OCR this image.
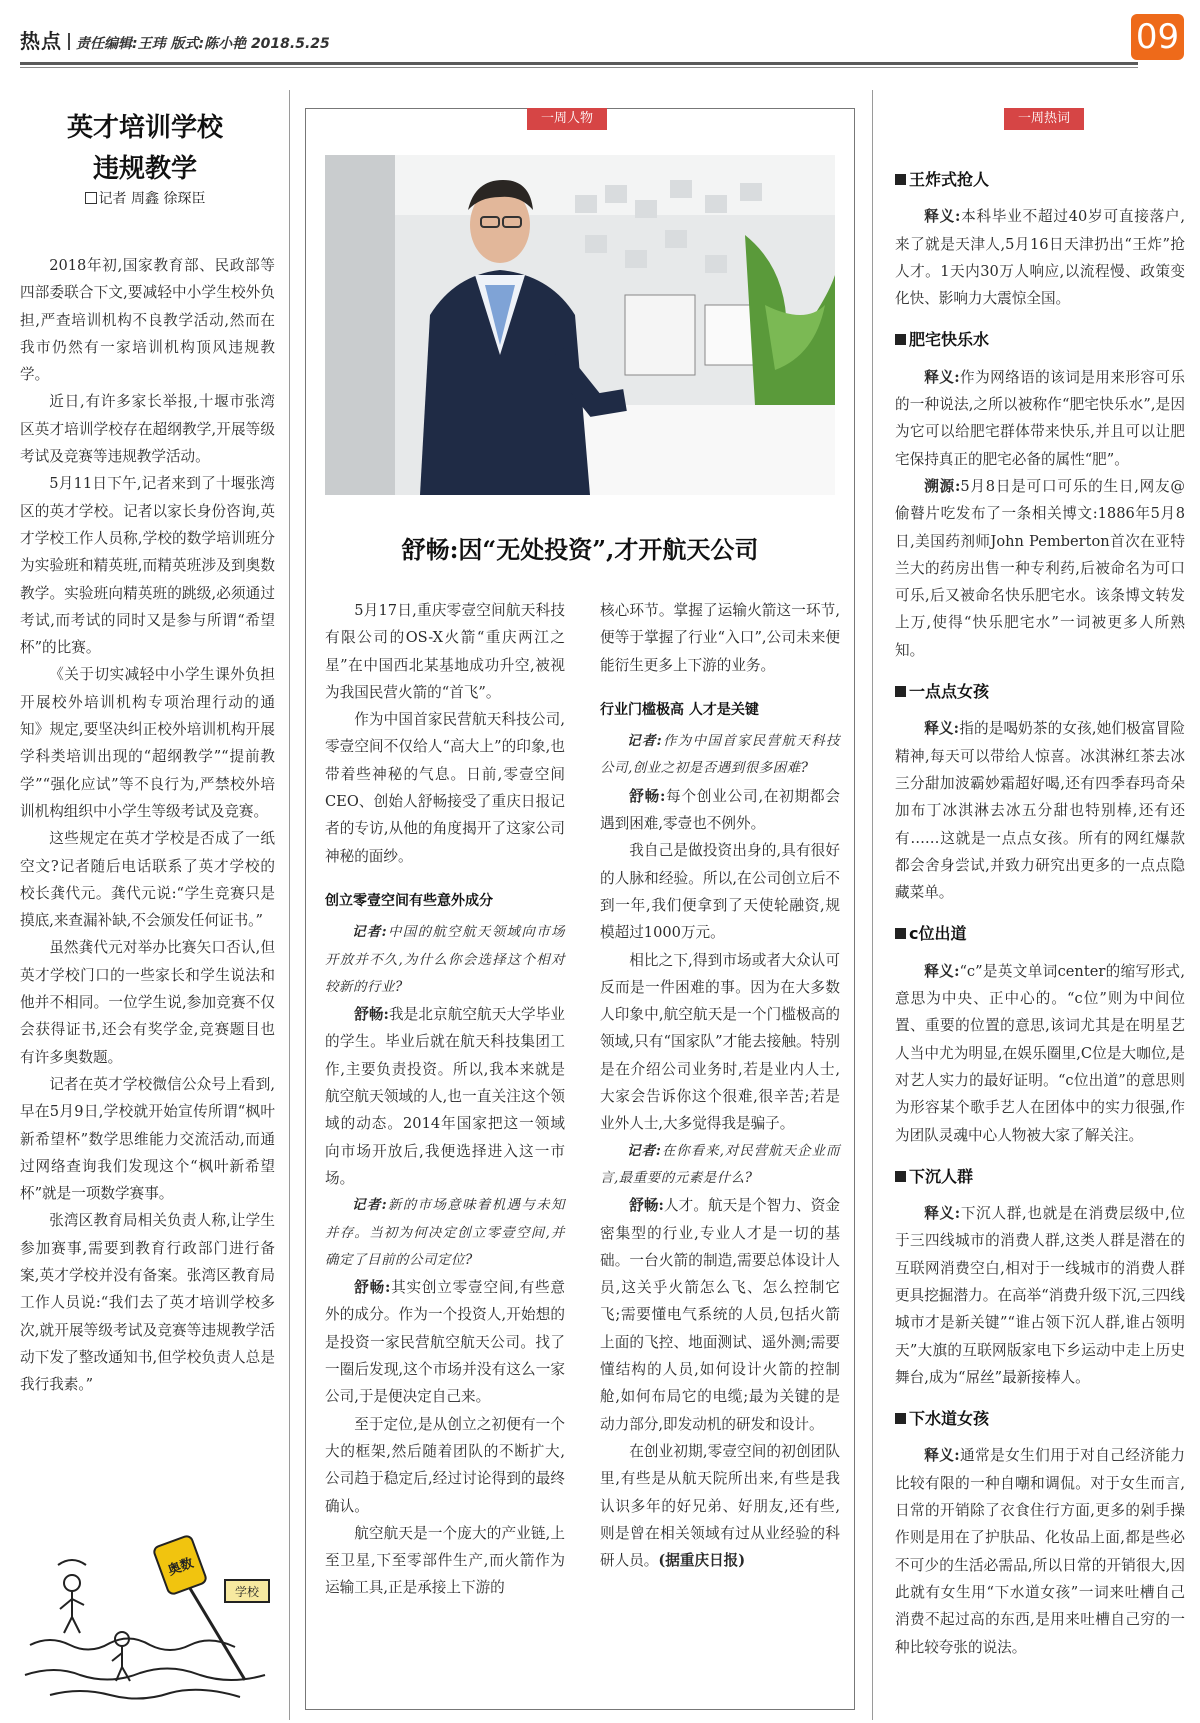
热点 责任编辑:王玮 版式:陈小艳 2018.5.25	09
英才培训学校
违规教学
记者 周鑫 徐琛臣

2018年初,国家教育部、民政部等四部委联合下文,要减轻中小学生校外负担,严查培训机构不良教学活动,然而在我市仍然有一家培训机构顶风违规教学。

近日,有许多家长举报,十堰市张湾区英才培训学校存在超纲教学,开展等级考试及竞赛等违规教学活动。

5月11日下午,记者来到了十堰张湾区的英才学校。记者以家长身份咨询,英才学校工作人员称,学校的数学培训班分为实验班和精英班,而精英班涉及到奥数教学。实验班向精英班的跳级,必须通过考试,而考试的同时又是参与所谓“希望杯”的比赛。

《关于切实减轻中小学生课外负担开展校外培训机构专项治理行动的通知》规定,要坚决纠正校外培训机构开展学科类培训出现的“超纲教学”“提前教学”“强化应试”等不良行为,严禁校外培训机构组织中小学生等级考试及竞赛。

这些规定在英才学校是否成了一纸空文?记者随后电话联系了英才学校的校长龚代元。龚代元说:“学生竞赛只是摸底,来查漏补缺,不会颁发任何证书。”

虽然龚代元对举办比赛矢口否认,但英才学校门口的一些家长和学生说法和他并不相同。一位学生说,参加竞赛不仅会获得证书,还会有奖学金,竞赛题目也有许多奥数题。

记者在英才学校微信公众号上看到,早在5月9日,学校就开始宣传所谓“枫叶新希望杯”数学思维能力交流活动,而通过网络查询我们发现这个“枫叶新希望杯”就是一项数学赛事。

张湾区教育局相关负责人称,让学生参加赛事,需要到教育行政部门进行备案,英才学校并没有备案。张湾区教育局工作人员说:“我们去了英才培训学校多次,就开展等级考试及竞赛等违规教学活动下发了整改通知书,但学校负责人总是我行我素。”

奥数
学校
一周人物
舒畅:因“无处投资”,才开航天公司

5月17日,重庆零壹空间航天科技有限公司的OS-X火箭“重庆两江之星”在中国西北某基地成功升空,被视为我国民营火箭的“首飞”。

作为中国首家民营航天科技公司,零壹空间不仅给人“高大上”的印象,也带着些神秘的气息。日前,零壹空间CEO、创始人舒畅接受了重庆日报记者的专访,从他的角度揭开了这家公司神秘的面纱。

创立零壹空间有些意外成分

记者:中国的航空航天领域向市场开放并不久,为什么你会选择这个相对较新的行业?

舒畅:我是北京航空航天大学毕业的学生。毕业后就在航天科技集团工作,主要负责投资。所以,我本来就是航空航天领域的人,也一直关注这个领域的动态。2014年国家把这一领域向市场开放后,我便选择进入这一市场。

记者:新的市场意味着机遇与未知并存。当初为何决定创立零壹空间,并确定了目前的公司定位?

舒畅:其实创立零壹空间,有些意外的成分。作为一个投资人,开始想的是投资一家民营航空航天公司。找了一圈后发现,这个市场并没有这么一家公司,于是便决定自己来。

至于定位,是从创立之初便有一个大的框架,然后随着团队的不断扩大,公司趋于稳定后,经过讨论得到的最终确认。

航空航天是一个庞大的产业链,上至卫星,下至零部件生产,而火箭作为运输工具,正是承接上下游的

核心环节。掌握了运输火箭这一环节,便等于掌握了行业“入口”,公司未来便能衍生更多上下游的业务。

行业门槛极高 人才是关键

记者:作为中国首家民营航天科技公司,创业之初是否遇到很多困难?

舒畅:每个创业公司,在初期都会遇到困难,零壹也不例外。

我自己是做投资出身的,具有很好的人脉和经验。所以,在公司创立后不到一年,我们便拿到了天使轮融资,规模超过1000万元。

相比之下,得到市场或者大众认可反而是一件困难的事。因为在大多数人印象中,航空航天是一个门槛极高的领域,只有“国家队”才能去接触。特别是在介绍公司业务时,若是业内人士,大家会告诉你这个很难,很辛苦;若是业外人士,大多觉得我是骗子。

记者:在你看来,对民营航天企业而言,最重要的元素是什么?

舒畅:人才。航天是个智力、资金密集型的行业,专业人才是一切的基础。一台火箭的制造,需要总体设计人员,这关乎火箭怎么飞、怎么控制它飞;需要懂电气系统的人员,包括火箭上面的飞控、地面测试、遥外测;需要懂结构的人员,如何设计火箭的控制舱,如何布局它的电缆;最为关键的是动力部分,即发动机的研发和设计。

在创业初期,零壹空间的初创团队里,有些是从航天院所出来,有些是我认识多年的好兄弟、好朋友,还有些,则是曾在相关领域有过从业经验的科研人员。(据重庆日报)

一周热词
王炸式抢人

释义:本科毕业不超过40岁可直接落户,来了就是天津人,5月16日天津扔出“王炸”抢人才。1天内30万人响应,以流程慢、政策变化快、影响力大震惊全国。

肥宅快乐水

释义:作为网络语的该词是用来形容可乐的一种说法,之所以被称作“肥宅快乐水”,是因为它可以给肥宅群体带来快乐,并且可以让肥宅保持真正的肥宅必备的属性“肥”。

溯源:5月8日是可口可乐的生日,网友@偷瞽片吃发布了一条相关博文:1886年5月8日,美国药剂师John Pemberton首次在亚特兰大的药房出售一种专利药,后被命名为可口可乐,后又被命名快乐肥宅水。该条博文转发上万,使得“快乐肥宅水”一词被更多人所熟知。

一点点女孩

释义:指的是喝奶茶的女孩,她们极富冒险精神,每天可以带给人惊喜。冰淇淋红茶去冰三分甜加波霸妙霜超好喝,还有四季春玛奇朵加布丁冰淇淋去冰五分甜也特别棒,还有还有……这就是一点点女孩。所有的网红爆款都会舍身尝试,并致力研究出更多的一点点隐藏菜单。

c位出道

释义:“c”是英文单词center的缩写形式,意思为中央、正中心的。“c位”则为中间位置、重要的位置的意思,该词尤其是在明星艺人当中尤为明显,在娱乐圈里,C位是大咖位,是对艺人实力的最好证明。“c位出道”的意思则为形容某个歌手艺人在团体中的实力很强,作为团队灵魂中心人物被大家了解关注。

下沉人群

释义:下沉人群,也就是在消费层级中,位于三四线城市的消费人群,这类人群是潜在的互联网消费空白,相对于一线城市的消费人群更具挖掘潜力。在高举“消费升级下沉,三四线城市才是新关键”“谁占领下沉人群,谁占领明天”大旗的互联网版家电下乡运动中走上历史舞台,成为“屌丝”最新接棒人。

下水道女孩

释义:通常是女生们用于对自己经济能力比较有限的一种自嘲和调侃。对于女生而言,日常的开销除了衣食住行方面,更多的剁手操作则是用在了护肤品、化妆品上面,都是些必不可少的生活必需品,所以日常的开销很大,因此就有女生用“下水道女孩”一词来吐槽自己消费不起过高的东西,是用来吐槽自己穷的一种比较夸张的说法。
